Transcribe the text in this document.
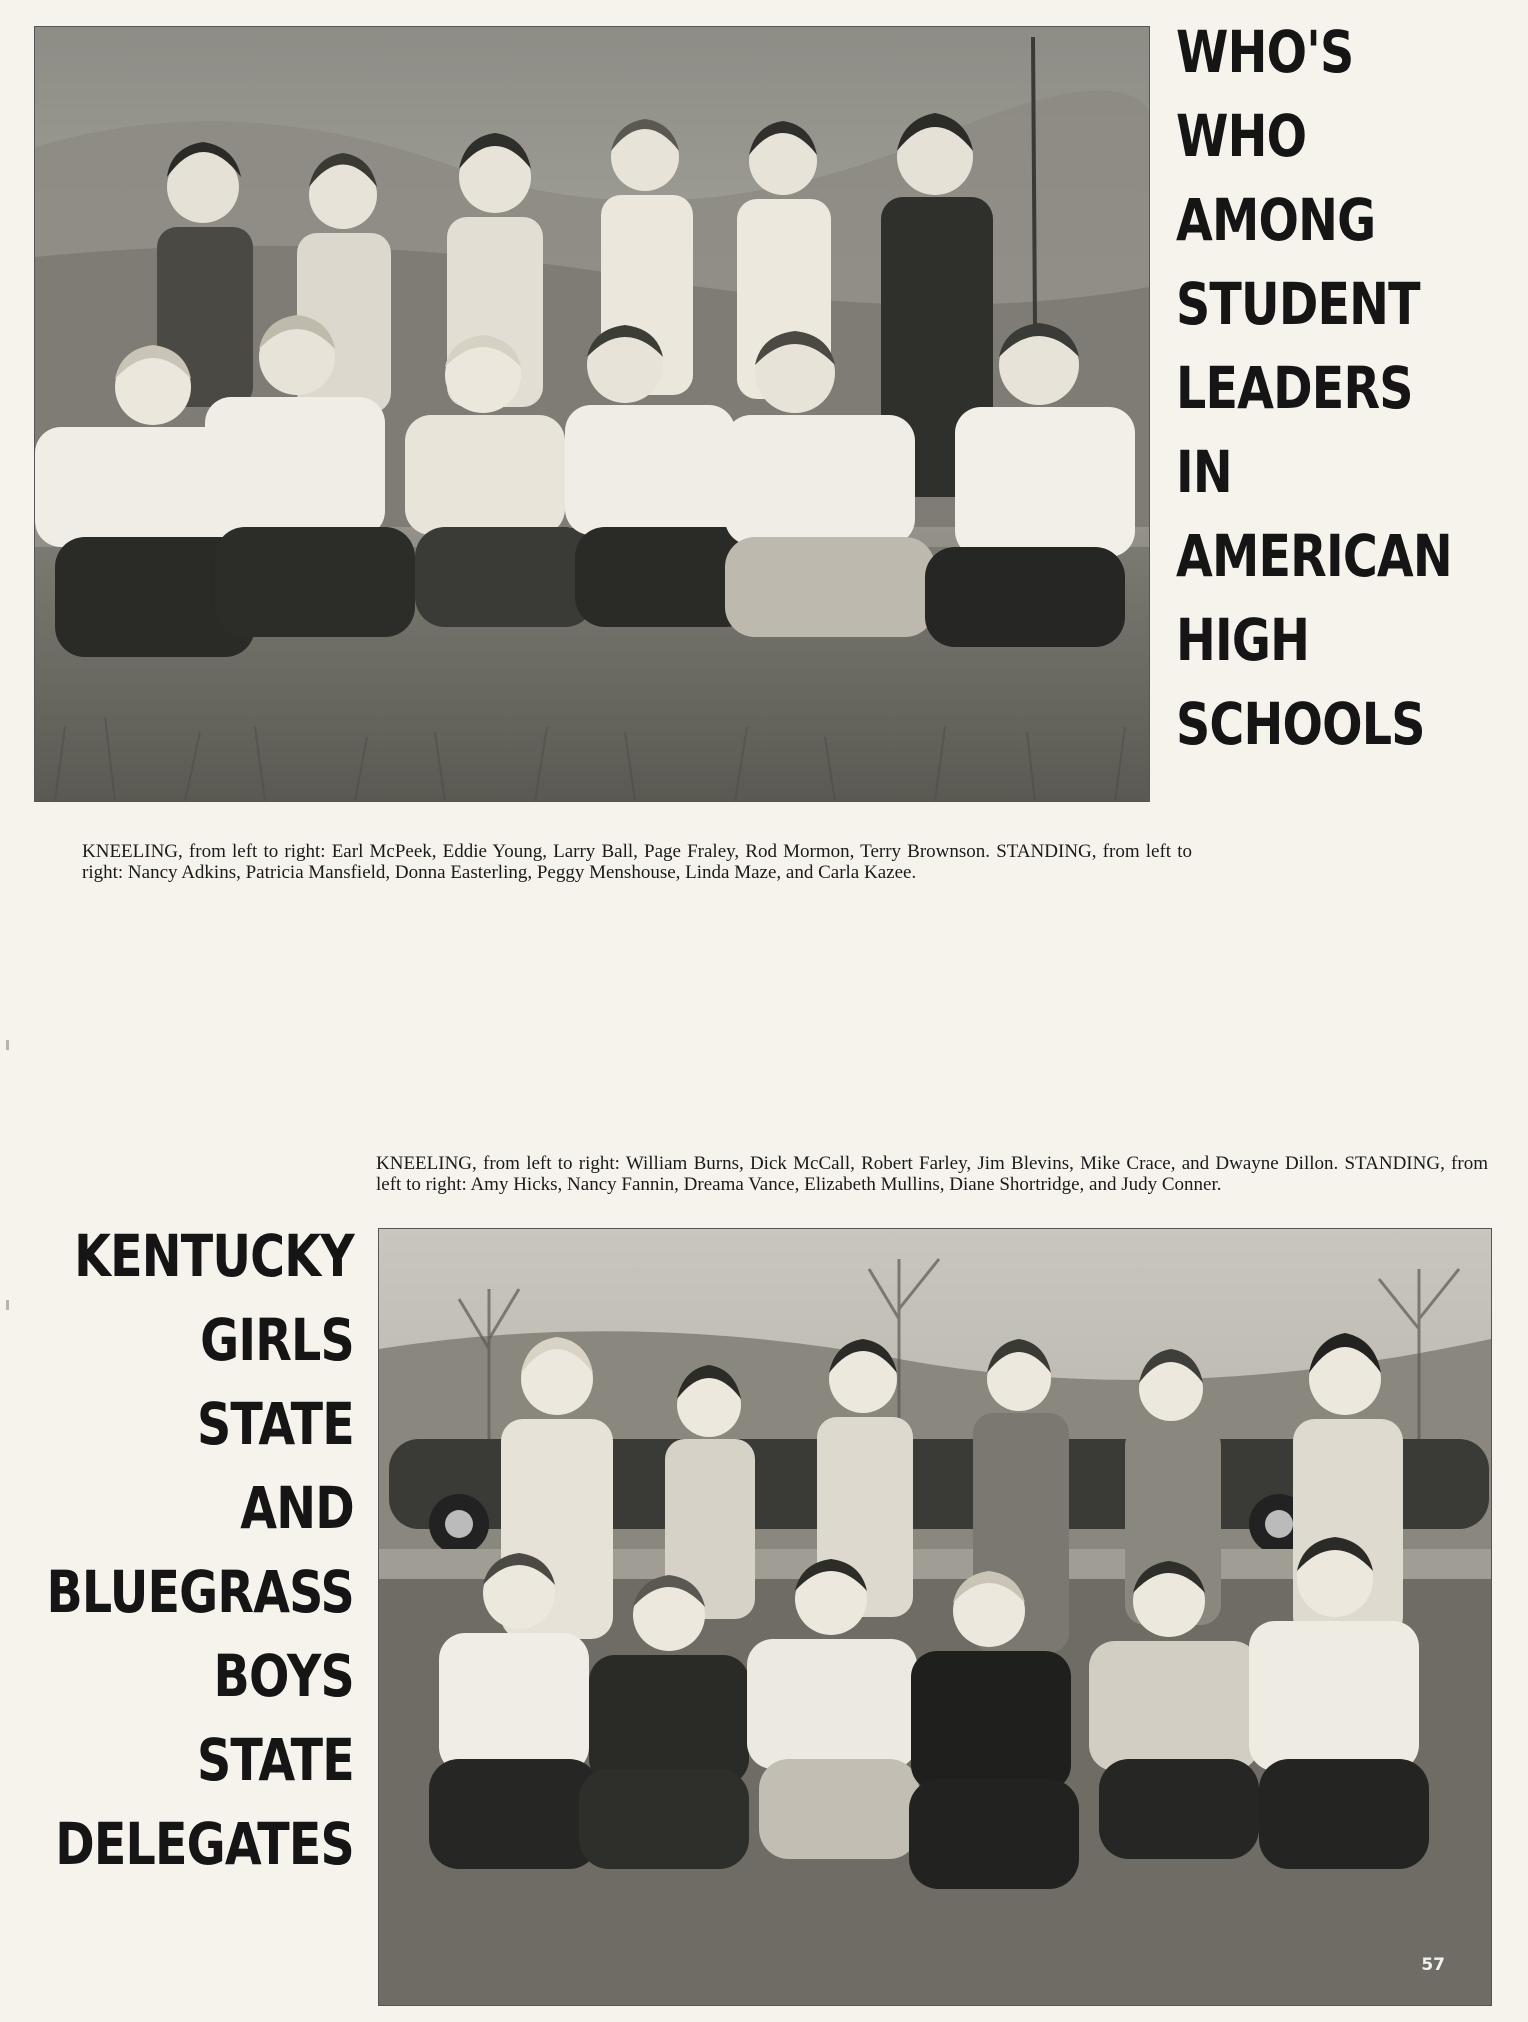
WHO'S
WHO
AMONG
STUDENT
LEADERS
IN
AMERICAN
HIGH
SCHOOLS

KNEELING, from left to right: Earl McPeek, Eddie Young, Larry Ball, Page Fraley, Rod Mormon, Terry Brownson. STANDING, from left to right: Nancy Adkins, Patricia Mansfield, Donna Easterling, Peggy Menshouse, Linda Maze, and Carla Kazee.

KNEELING, from left to right: William Burns, Dick McCall, Robert Farley, Jim Blevins, Mike Crace, and Dwayne Dillon. STANDING, from left to right: Amy Hicks, Nancy Fannin, Dreama Vance, Elizabeth Mullins, Diane Shortridge, and Judy Conner.

KENTUCKY
GIRLS
STATE
AND
BLUEGRASS
BOYS
STATE
DELEGATES
57
